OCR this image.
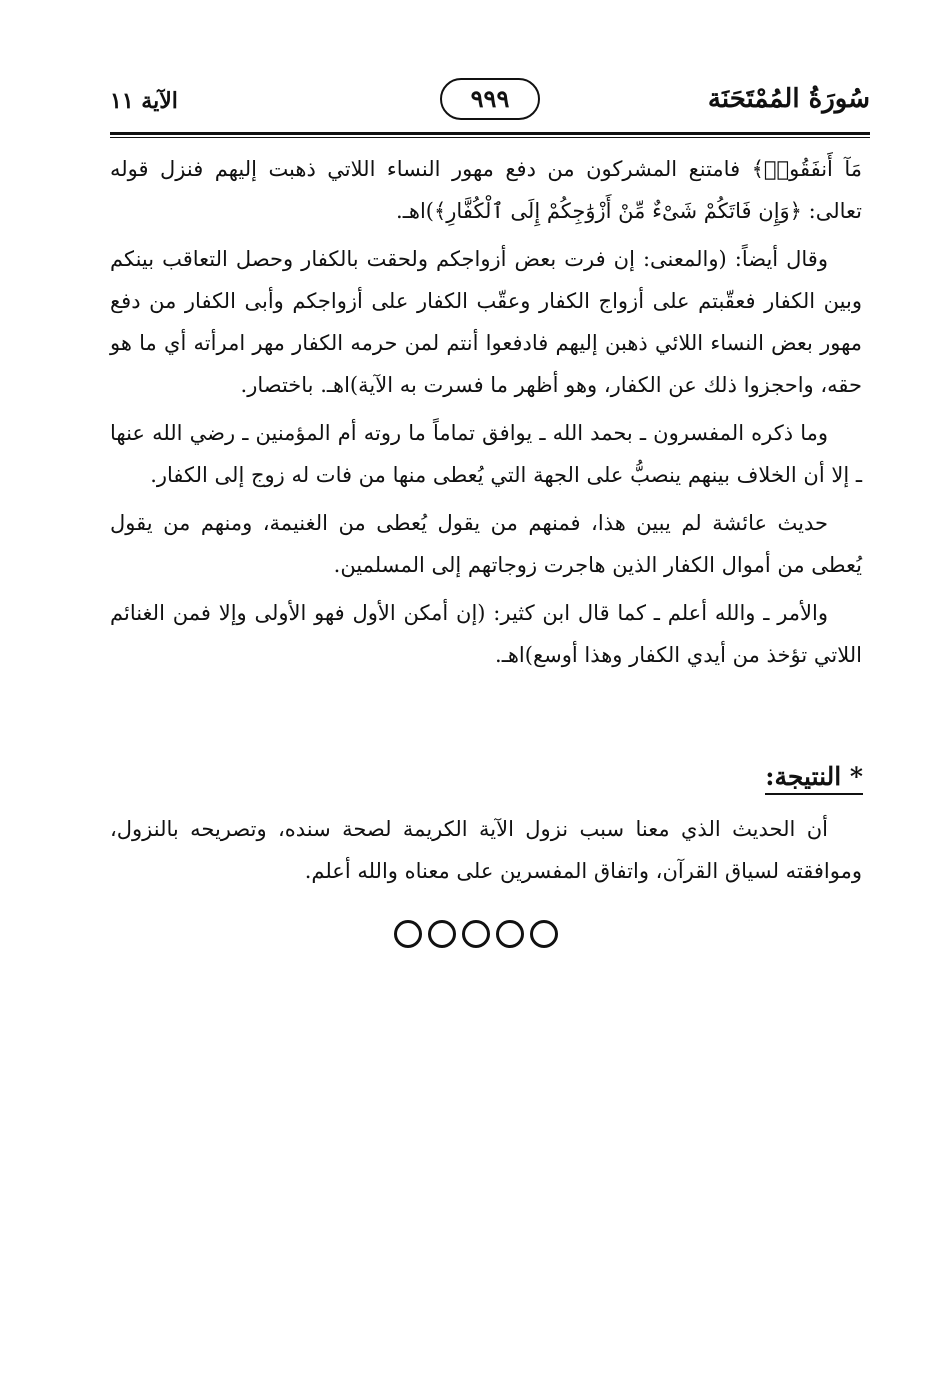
سُورَةُ المُمْتَحَنَة
٩٩٩
الآية ١١

مَآ أَنفَقُوا۟﴾ فامتنع المشركون من دفع مهور النساء اللاتي ذهبت إليهم فنزل قوله تعالى: ﴿وَإِن فَاتَكُمْ شَىْءٌ مِّنْ أَزْوَٰجِكُمْ إِلَى ٱلْكُفَّارِ﴾)اهـ.

وقال أيضاً: (والمعنى: إن فرت بعض أزواجكم ولحقت بالكفار وحصل التعاقب بينكم وبين الكفار فعقّبتم على أزواج الكفار وعقّب الكفار على أزواجكم وأبى الكفار من دفع مهور بعض النساء اللائي ذهبن إليهم فادفعوا أنتم لمن حرمه الكفار مهر امرأته أي ما هو حقه، واحجزوا ذلك عن الكفار، وهو أظهر ما فسرت به الآية)اهـ. باختصار.

وما ذكره المفسرون ـ بحمد الله ـ يوافق تماماً ما روته أم المؤمنين ـ رضي الله عنها ـ إلا أن الخلاف بينهم ينصبُّ على الجهة التي يُعطى منها من فات له زوج إلى الكفار.

حديث عائشة لم يبين هذا، فمنهم من يقول يُعطى من الغنيمة، ومنهم من يقول يُعطى من أموال الكفار الذين هاجرت زوجاتهم إلى المسلمين.

والأمر ـ والله أعلم ـ كما قال ابن كثير: (إن أمكن الأول فهو الأولى وإلا فمن الغنائم اللاتي تؤخذ من أيدي الكفار وهذا أوسع)اهـ.

* النتيجة:
أن الحديث الذي معنا سبب نزول الآية الكريمة لصحة سنده، وتصريحه بالنزول، وموافقته لسياق القرآن، واتفاق المفسرين على معناه والله أعلم.
